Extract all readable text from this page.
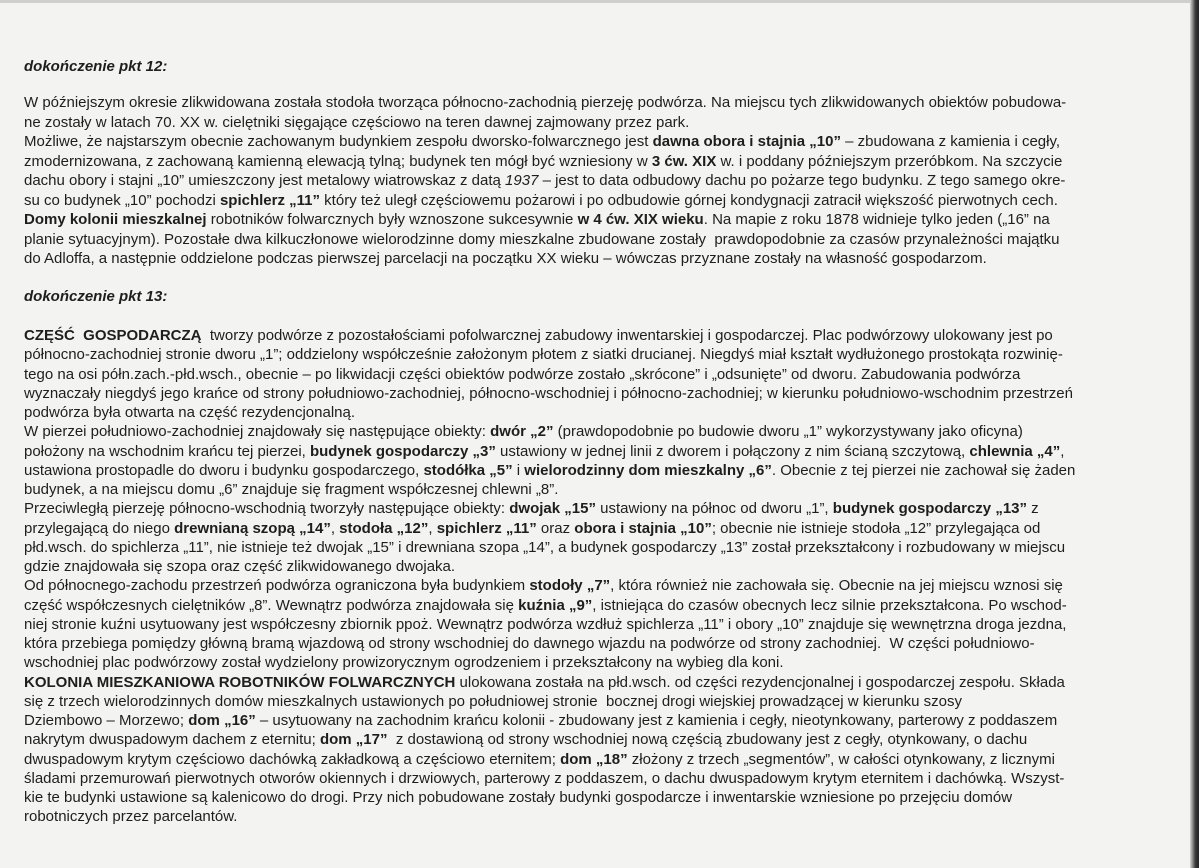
dokończenie pkt 12:
W późniejszym okresie zlikwidowana została stodoła tworząca północno-zachodnią pierzeję podwórza. Na miejscu tych zlikwidowanych obiektów pobudowa-
ne zostały w latach 70. XX w. cielętniki sięgające częściowo na teren dawnej zajmowany przez park.
Możliwe, że najstarszym obecnie zachowanym budynkiem zespołu dworsko-folwarcznego jest dawna obora i stajnia „10” – zbudowana z kamienia i cegły,
zmodernizowana, z zachowaną kamienną elewacją tylną; budynek ten mógł być wzniesiony w 3 ćw. XIX w. i poddany późniejszym przeróbkom. Na szczycie
dachu obory i stajni „10” umieszczony jest metalowy wiatrowskaz z datą 1937 – jest to data odbudowy dachu po pożarze tego budynku. Z tego samego okre-
su co budynek „10” pochodzi spichlerz „11” który też uległ częściowemu pożarowi i po odbudowie górnej kondygnacji zatracił większość pierwotnych cech.
Domy kolonii mieszkalnej robotników folwarcznych były wznoszone sukcesywnie w 4 ćw. XIX wieku. Na mapie z roku 1878 widnieje tylko jeden („16” na
planie sytuacyjnym). Pozostałe dwa kilkuczłonowe wielorodzinne domy mieszkalne zbudowane zostały  prawdopodobnie za czasów przynależności majątku
do Adloffa, a następnie oddzielone podczas pierwszej parcelacji na początku XX wieku – wówczas przyznane zostały na własność gospodarzom.
dokończenie pkt 13:
CZĘŚĆ  GOSPODARCZĄ  tworzy podwórze z pozostałościami pofolwarcznej zabudowy inwentarskiej i gospodarczej. Plac podwórzowy ulokowany jest po
północno-zachodniej stronie dworu „1”; oddzielony współcześnie założonym płotem z siatki drucianej. Niegdyś miał kształt wydłużonego prostokąta rozwinię-
tego na osi półn.zach.-płd.wsch., obecnie – po likwidacji części obiektów podwórze zostało „skrócone” i „odsunięte” od dworu. Zabudowania podwórza
wyznaczały niegdyś jego krańce od strony południowo-zachodniej, północno-wschodniej i północno-zachodniej; w kierunku południowo-wschodnim przestrzeń
podwórza była otwarta na część rezydencjonalną.
W pierzei południowo-zachodniej znajdowały się następujące obiekty: dwór „2” (prawdopodobnie po budowie dworu „1” wykorzystywany jako oficyna)
położony na wschodnim krańcu tej pierzei, budynek gospodarczy „3” ustawiony w jednej linii z dworem i połączony z nim ścianą szczytową, chlewnia „4”,
ustawiona prostopadle do dworu i budynku gospodarczego, stodółka „5” i wielorodzinny dom mieszkalny „6”. Obecnie z tej pierzei nie zachował się żaden
budynek, a na miejscu domu „6” znajduje się fragment współczesnej chlewni „8”.
Przeciwległą pierzeję północno-wschodnią tworzyły następujące obiekty: dwojak „15” ustawiony na północ od dworu „1”, budynek gospodarczy „13” z
przylegającą do niego drewnianą szopą „14”, stodoła „12”, spichlerz „11” oraz obora i stajnia „10”; obecnie nie istnieje stodoła „12” przylegająca od
płd.wsch. do spichlerza „11”, nie istnieje też dwojak „15” i drewniana szopa „14”, a budynek gospodarczy „13” został przekształcony i rozbudowany w miejscu
gdzie znajdowała się szopa oraz część zlikwidowanego dwojaka.
Od północnego-zachodu przestrzeń podwórza ograniczona była budynkiem stodoły „7”, która również nie zachowała się. Obecnie na jej miejscu wznosi się
część współczesnych cielętników „8”. Wewnątrz podwórza znajdowała się kuźnia „9”, istniejąca do czasów obecnych lecz silnie przekształcona. Po wschod-
niej stronie kuźni usytuowany jest współczesny zbiornik ppoż. Wewnątrz podwórza wzdłuż spichlerza „11” i obory „10” znajduje się wewnętrzna droga jezdna,
która przebiega pomiędzy główną bramą wjazdową od strony wschodniej do dawnego wjazdu na podwórze od strony zachodniej.  W części południowo-
wschodniej plac podwórzowy został wydzielony prowizorycznym ogrodzeniem i przekształcony na wybieg dla koni.
KOLONIA MIESZKANIOWA ROBOTNIKÓW FOLWARCZNYCH ulokowana została na płd.wsch. od części rezydencjonalnej i gospodarczej zespołu. Składa
się z trzech wielorodzinnych domów mieszkalnych ustawionych po południowej stronie  bocznej drogi wiejskiej prowadzącej w kierunku szosy
Dziembowo – Morzewo; dom „16” – usytuowany na zachodnim krańcu kolonii - zbudowany jest z kamienia i cegły, nieotynkowany, parterowy z poddaszem
nakrytym dwuspadowym dachem z eternitu; dom „17”  z dostawioną od strony wschodniej nową częścią zbudowany jest z cegły, otynkowany, o dachu
dwuspadowym krytym częściowo dachówką zakładkową a częściowo eternitem; dom „18” złożony z trzech „segmentów”, w całości otynkowany, z licznymi
śladami przemurowań pierwotnych otworów okiennych i drzwiowych, parterowy z poddaszem, o dachu dwuspadowym krytym eternitem i dachówką. Wszyst-
kie te budynki ustawione są kalenicowo do drogi. Przy nich pobudowane zostały budynki gospodarcze i inwentarskie wzniesione po przejęciu domów
robotniczych przez parcelantów.
